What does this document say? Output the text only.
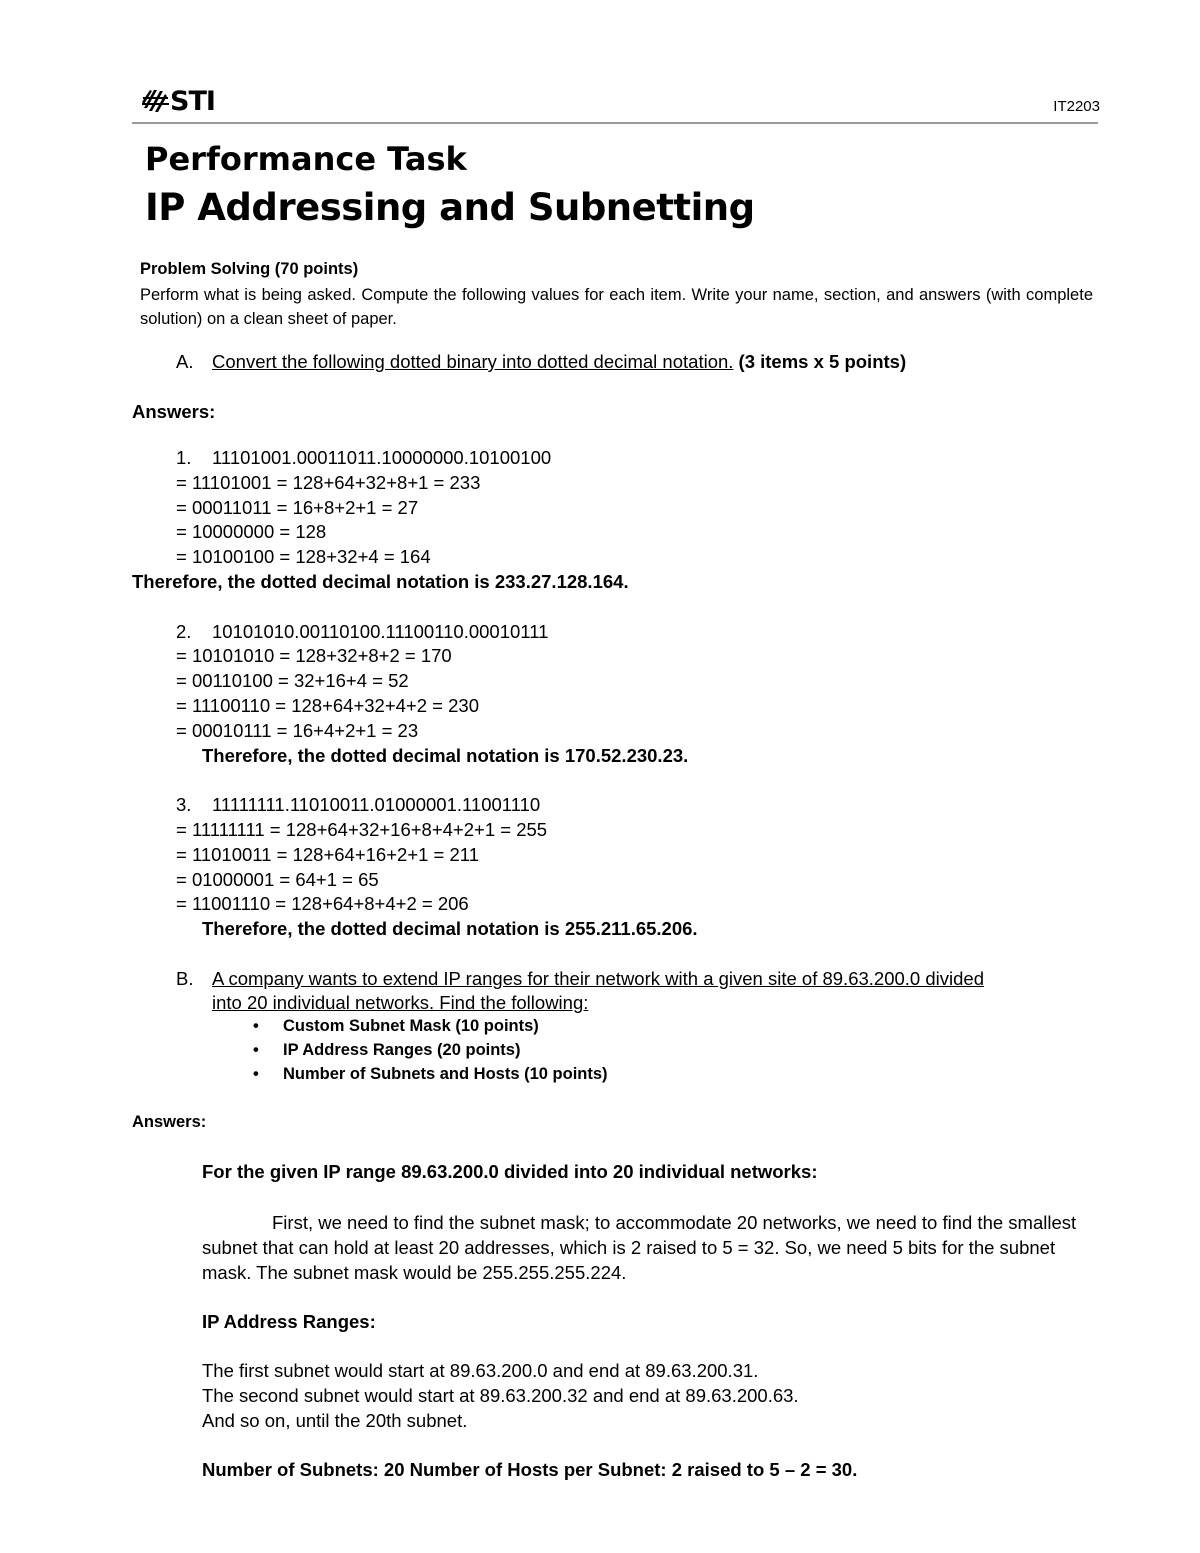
STI	IT2203
Performance Task
IP Addressing and Subnetting
Problem Solving (70 points)
Perform what is being asked. Compute the following values for each item. Write your name, section, and answers (with complete solution) on a clean sheet of paper.
A. Convert the following dotted binary into dotted decimal notation. (3 items x 5 points)
Answers:
1. 11101001.00011011.10000000.10100100
= 11101001 = 128+64+32+8+1 = 233
= 00011011 = 16+8+2+1 = 27
= 10000000 = 128
= 10100100 = 128+32+4 = 164
Therefore, the dotted decimal notation is 233.27.128.164.
2. 10101010.00110100.11100110.00010111
= 10101010 = 128+32+8+2 = 170
= 00110100 = 32+16+4 = 52
= 11100110 = 128+64+32+4+2 = 230
= 00010111 = 16+4+2+1 = 23
Therefore, the dotted decimal notation is 170.52.230.23.
3. 11111111.11010011.01000001.11001110
= 11111111 = 128+64+32+16+8+4+2+1 = 255
= 11010011 = 128+64+16+2+1 = 211
= 01000001 = 64+1 = 65
= 11001110 = 128+64+8+4+2 = 206
Therefore, the dotted decimal notation is 255.211.65.206.
B. A company wants to extend IP ranges for their network with a given site of 89.63.200.0 divided
into 20 individual networks. Find the following:
• Custom Subnet Mask (10 points)
• IP Address Ranges (20 points)
• Number of Subnets and Hosts (10 points)
Answers:
For the given IP range 89.63.200.0 divided into 20 individual networks:
First, we need to find the subnet mask; to accommodate 20 networks, we need to find the smallest subnet that can hold at least 20 addresses, which is 2 raised to 5 = 32. So, we need 5 bits for the subnet mask. The subnet mask would be 255.255.255.224.
IP Address Ranges:
The first subnet would start at 89.63.200.0 and end at 89.63.200.31.
The second subnet would start at 89.63.200.32 and end at 89.63.200.63.
And so on, until the 20th subnet.
Number of Subnets: 20 Number of Hosts per Subnet: 2 raised to 5 – 2 = 30.
